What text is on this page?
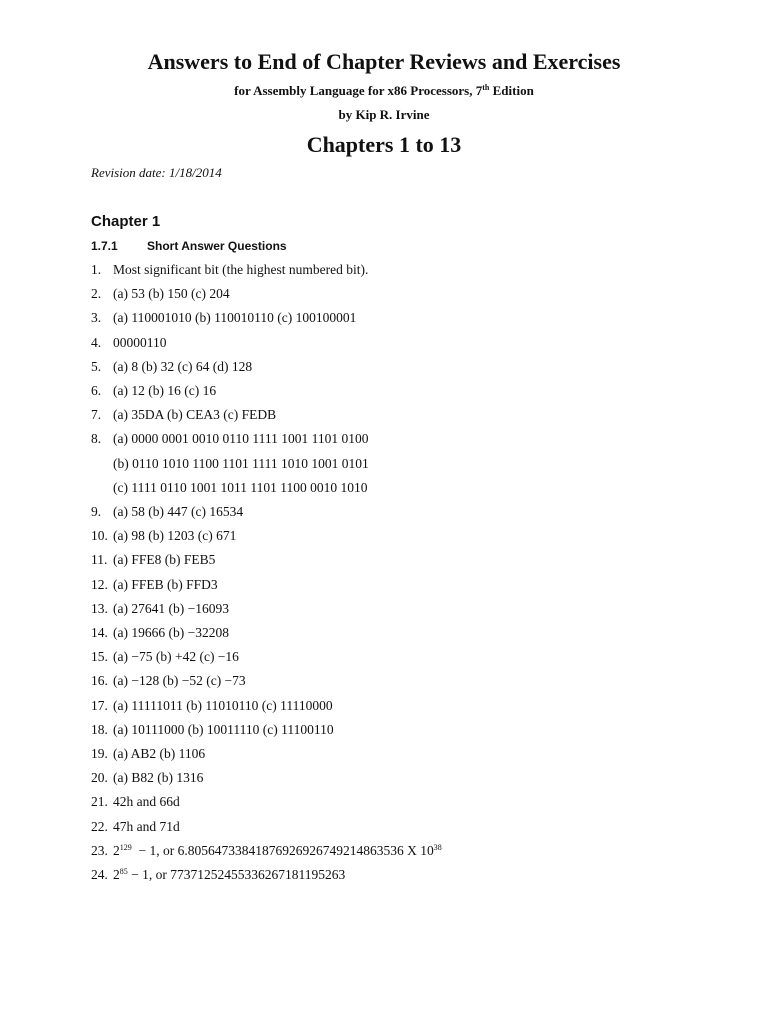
Answers to End of Chapter Reviews and Exercises
for Assembly Language for x86 Processors, 7th Edition
by Kip R. Irvine
Chapters 1 to 13
Revision date: 1/18/2014
Chapter 1
1.7.1 Short Answer Questions
1. Most significant bit (the highest numbered bit).
2. (a) 53 (b) 150 (c) 204
3. (a) 110001010 (b) 110010110 (c) 100100001
4. 00000110
5. (a) 8 (b) 32 (c) 64 (d) 128
6. (a) 12 (b) 16 (c) 16
7. (a) 35DA (b) CEA3 (c) FEDB
8. (a) 0000 0001 0010 0110 1111 1001 1101 0100
(b) 0110 1010 1100 1101 1111 1010 1001 0101
(c) 1111 0110 1001 1011 1101 1100 0010 1010
9. (a) 58 (b) 447 (c) 16534
10. (a) 98 (b) 1203 (c) 671
11. (a) FFE8 (b) FEB5
12. (a) FFEB (b) FFD3
13. (a) 27641 (b) −16093
14. (a) 19666 (b) −32208
15. (a) −75 (b) +42 (c) −16
16. (a) −128 (b) −52 (c) −73
17. (a) 11111011 (b) 11010110 (c) 11110000
18. (a) 10111000 (b) 10011110 (c) 11100110
19. (a) AB2 (b) 1106
20. (a) B82 (b) 1316
21. 42h and 66d
22. 47h and 71d
23. $2^{129} - 1$, or 6.80564733841876926926749214863536 X $10^{38}$
24. $2^{85} - 1$, or 77371252455336267181195263
